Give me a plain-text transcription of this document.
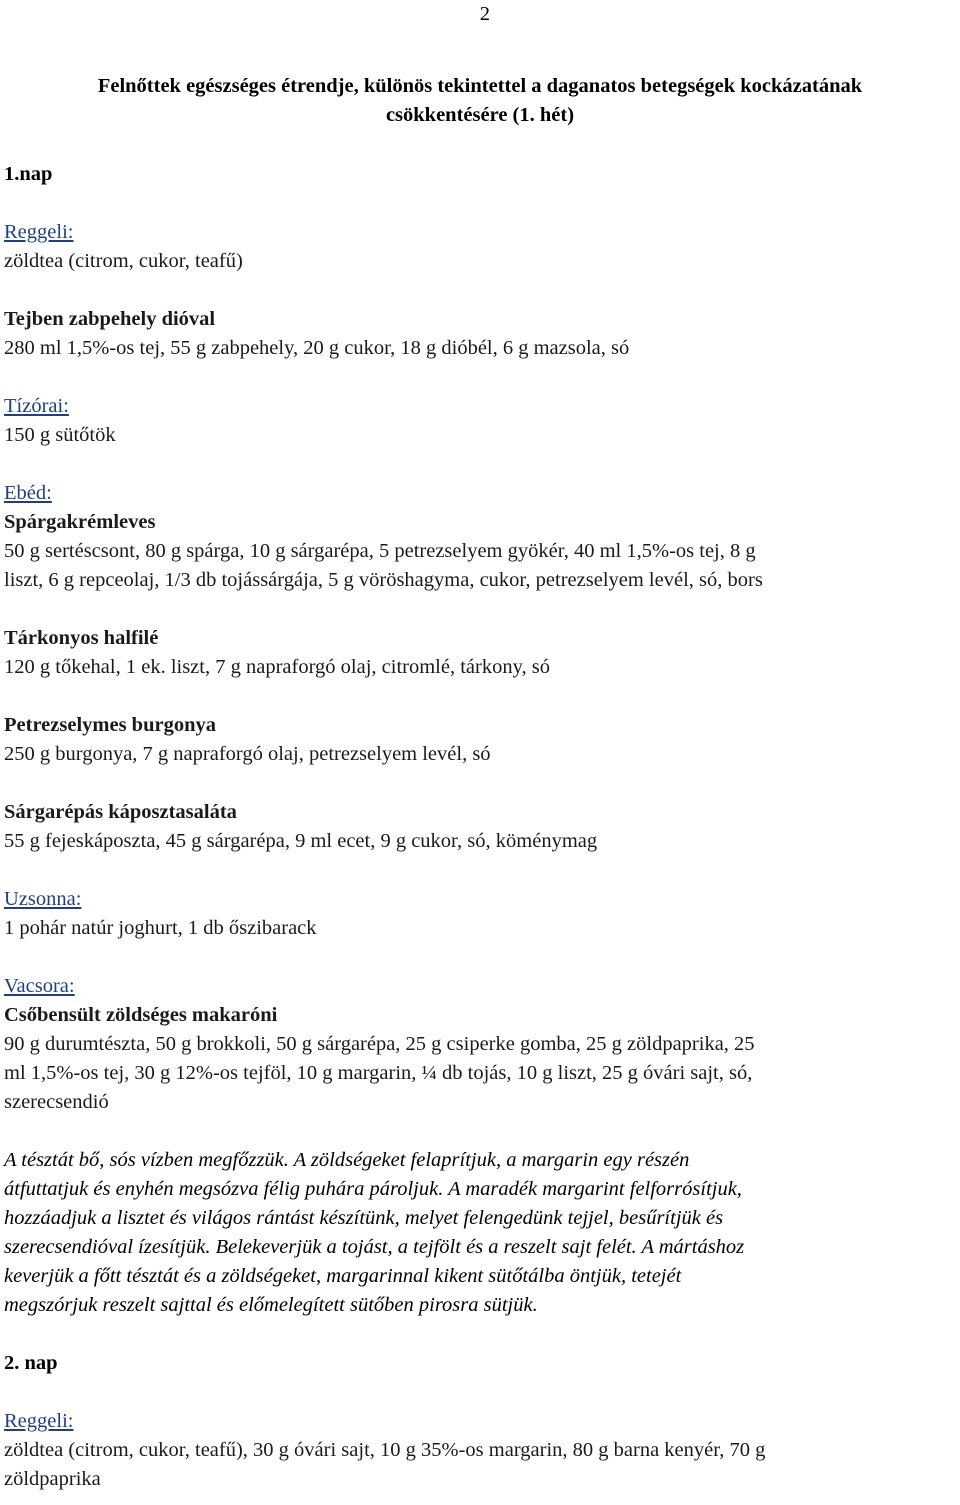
2
Felnőttek egészséges étrendje, különös tekintettel a daganatos betegségek kockázatának
csökkentésére (1. hét)

1.nap

Reggeli:

zöldtea (citrom, cukor, teafű)

Tejben zabpehely dióval

280 ml 1,5%-os tej, 55 g zabpehely, 20 g cukor, 18 g dióbél, 6 g mazsola, só

Tízórai:

150 g sütőtök

Ebéd:

Spárgakrémleves

50 g sertéscsont, 80 g spárga, 10 g sárgarépa, 5 petrezselyem gyökér, 40 ml 1,5%-os tej, 8 g

liszt, 6 g repceolaj, 1/3 db tojássárgája, 5 g vöröshagyma, cukor, petrezselyem levél, só, bors

Tárkonyos halfilé

120 g tőkehal, 1 ek. liszt, 7 g napraforgó olaj, citromlé, tárkony, só

Petrezselymes burgonya

250 g burgonya, 7 g napraforgó olaj, petrezselyem levél, só

Sárgarépás káposztasaláta

55 g fejeskáposzta, 45 g sárgarépa, 9 ml ecet, 9 g cukor, só, köménymag

Uzsonna:

1 pohár natúr joghurt, 1 db őszibarack

Vacsora:

Csőbensült zöldséges makaróni

90 g durumtészta, 50 g brokkoli, 50 g sárgarépa, 25 g csiperke gomba, 25 g zöldpaprika, 25

ml 1,5%-os tej, 30 g 12%-os tejföl, 10 g margarin, ¼ db tojás, 10 g liszt, 25 g óvári sajt, só,

szerecsendió

A tésztát bő, sós vízben megfőzzük. A zöldségeket felaprítjuk, a margarin egy részén

átfuttatjuk és enyhén megsózva félig puhára pároljuk. A maradék margarint felforrósítjuk,

hozzáadjuk a lisztet és világos rántást készítünk, melyet felengedünk tejjel, besűrítjük és

szerecsendióval ízesítjük. Belekeverjük a tojást, a tejfölt és a reszelt sajt felét. A mártáshoz

keverjük a főtt tésztát és a zöldségeket, margarinnal kikent sütőtálba öntjük, tetejét

megszórjuk reszelt sajttal és előmelegített sütőben pirosra sütjük.

2. nap

Reggeli:

zöldtea (citrom, cukor, teafű), 30 g óvári sajt, 10 g 35%-os margarin, 80 g barna kenyér, 70 g

zöldpaprika
